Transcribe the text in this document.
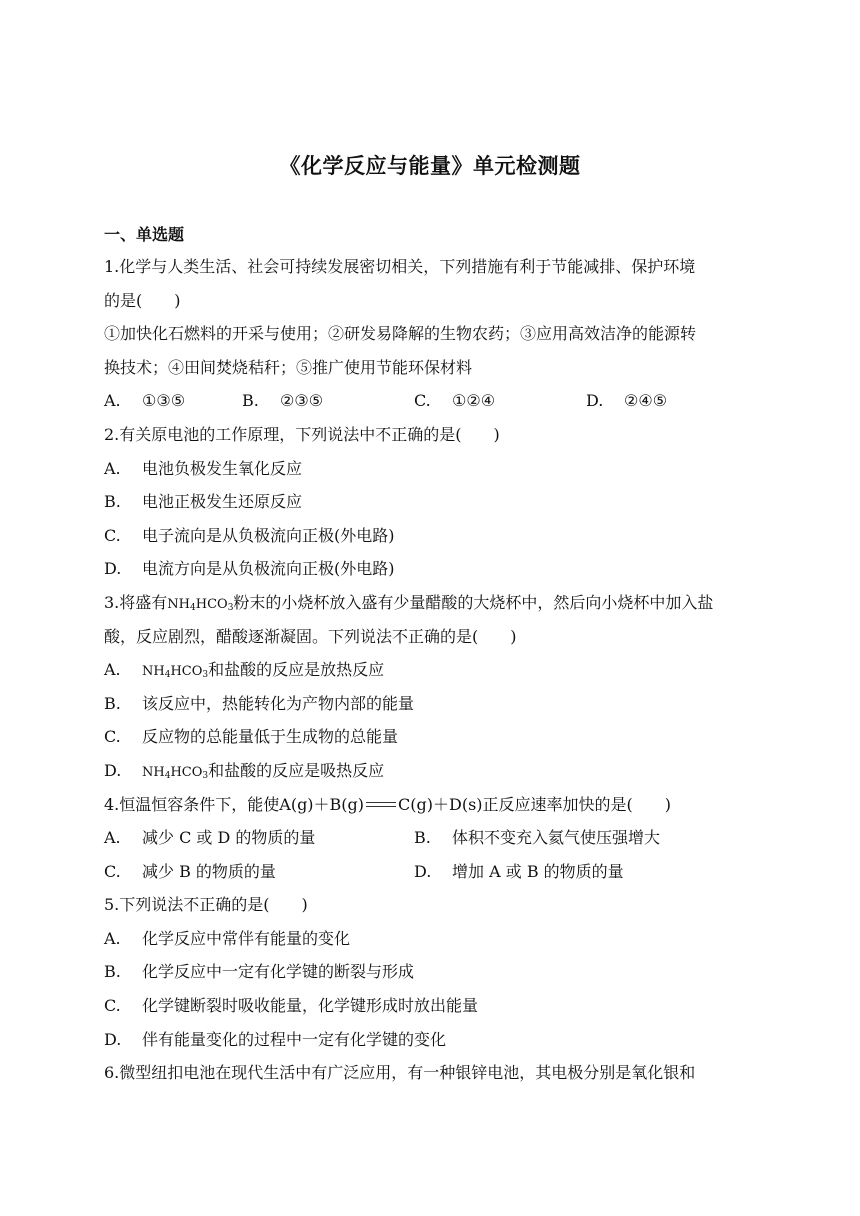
《化学反应与能量》单元检测题
一、单选题
1.化学与人类生活、社会可持续发展密切相关，下列措施有利于节能减排、保护环境
的是(　　)
①加快化石燃料的开采与使用；②研发易降解的生物农药；③应用高效洁净的能源转
换技术；④田间焚烧秸秆；⑤推广使用节能环保材料
A. ①③⑤	B. ②③⑤	C. ①②④	D. ②④⑤
2.有关原电池的工作原理，下列说法中不正确的是(　　)
A. 电池负极发生氧化反应
B. 电池正极发生还原反应
C. 电子流向是从负极流向正极(外电路)
D. 电流方向是从负极流向正极(外电路)
3.将盛有$NH_4HCO_3$粉末的小烧杯放入盛有少量醋酸的大烧杯中，然后向小烧杯中加入盐
酸，反应剧烈，醋酸逐渐凝固。下列说法不正确的是(　　)
A. $NH_4HCO_3$和盐酸的反应是放热反应
B. 该反应中，热能转化为产物内部的能量
C. 反应物的总能量低于生成物的总能量
D. $NH_4HCO_3$和盐酸的反应是吸热反应
4.恒温恒容条件下，能使A(g)＋B(g) C(g)＋D(s)正反应速率加快的是(　　)
A. 减少 C 或 D 的物质的量	B. 体积不变充入氦气使压强增大
C. 减少 B 的物质的量	D. 增加 A 或 B 的物质的量
5.下列说法不正确的是(　　)
A. 化学反应中常伴有能量的变化
B. 化学反应中一定有化学键的断裂与形成
C. 化学键断裂时吸收能量，化学键形成时放出能量
D. 伴有能量变化的过程中一定有化学键的变化
6.微型纽扣电池在现代生活中有广泛应用，有一种银锌电池，其电极分别是氧化银和
